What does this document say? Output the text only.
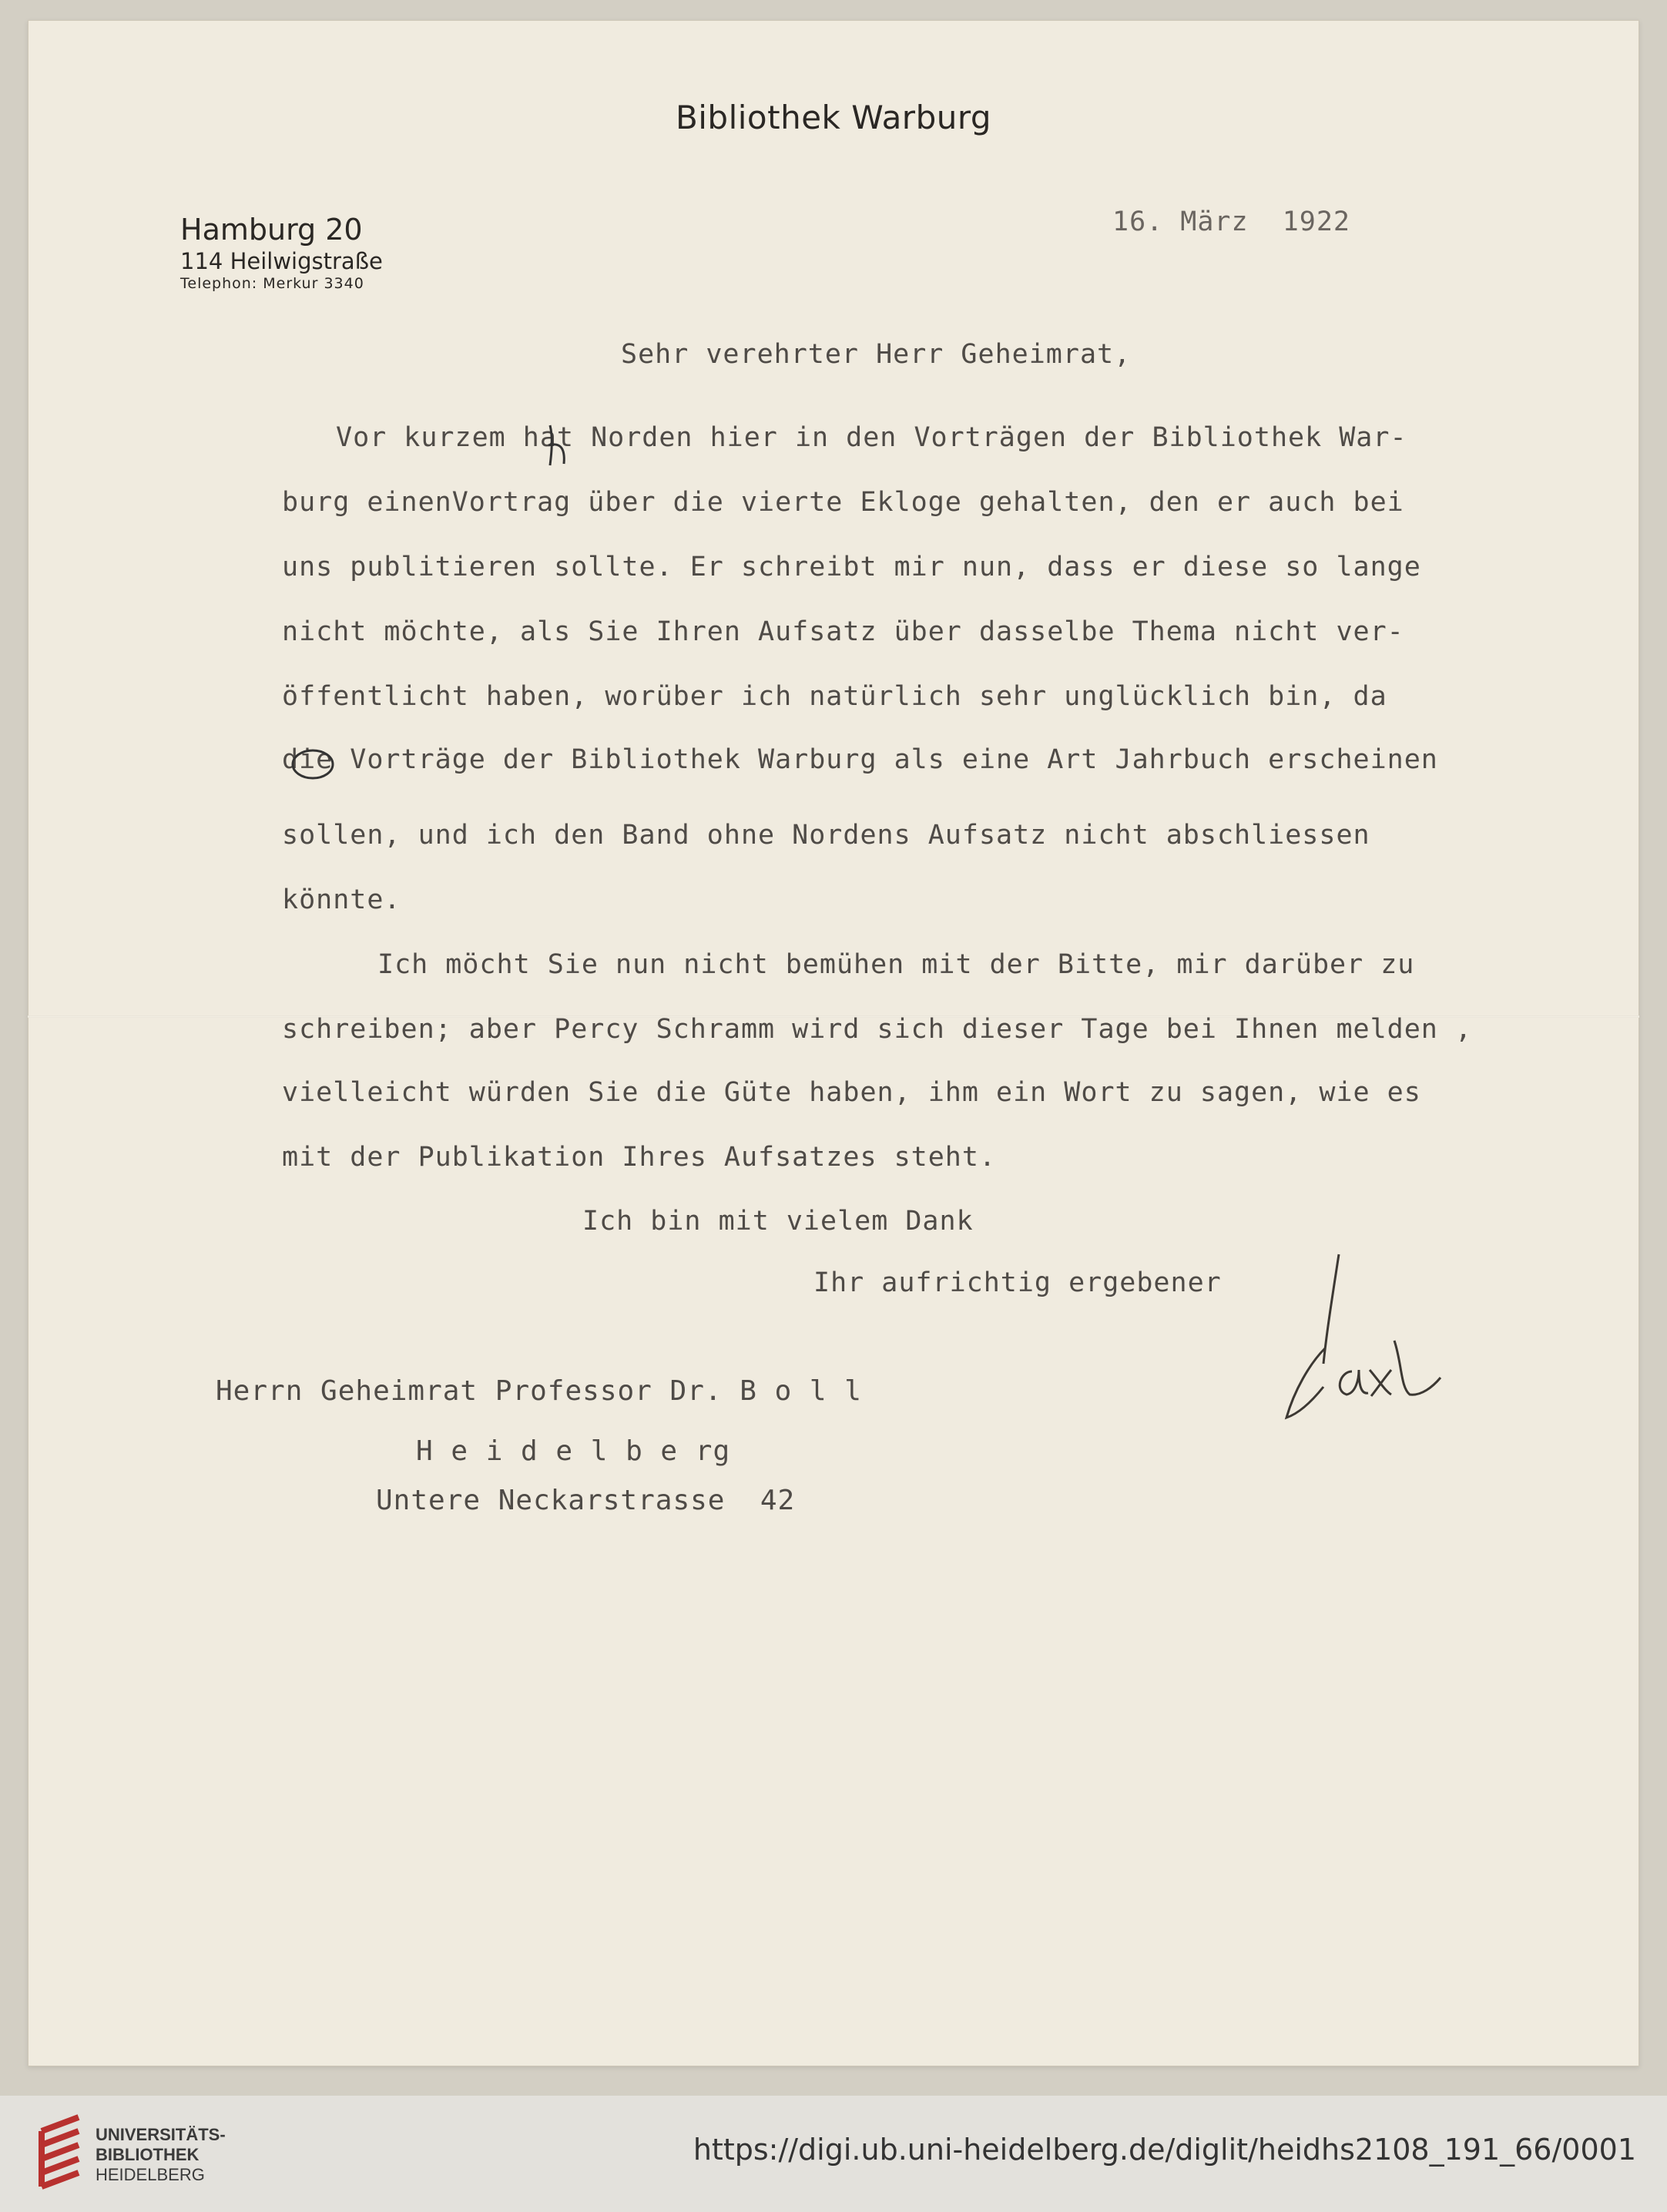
Bibliothek Warburg
Hamburg 20
114 Heilwigstraße
Telephon: Merkur 3340
16. März  1922
Sehr verehrter Herr Geheimrat,
Vor kurzem hat Norden hier in den Vorträgen der Bibliothek War-
burg einenVortrag über die vierte Ekloge gehalten, den er auch bei
uns publitieren sollte. Er schreibt mir nun, dass er diese so lange
nicht möchte, als Sie Ihren Aufsatz über dasselbe Thema nicht ver-
öffentlicht haben, worüber ich natürlich sehr unglücklich bin, da
die Vorträge der Bibliothek Warburg als eine Art Jahrbuch erscheinen
sollen, und ich den Band ohne Nordens Aufsatz nicht abschliessen
könnte.
Ich möcht Sie nun nicht bemühen mit der Bitte, mir darüber zu
schreiben; aber Percy Schramm wird sich dieser Tage bei Ihnen melden ,
vielleicht würden Sie die Güte haben, ihm ein Wort zu sagen, wie es
mit der Publikation Ihres Aufsatzes steht.
Ich bin mit vielem Dank
Ihr aufrichtig ergebener
Herrn Geheimrat Professor Dr. B o l l
H e i d e l b e rg
Untere Neckarstrasse  42
UNIVERSITÄTS-
BIBLIOTHEK
HEIDELBERG
https://digi.ub.uni-heidelberg.de/diglit/heidhs2108_191_66/0001
